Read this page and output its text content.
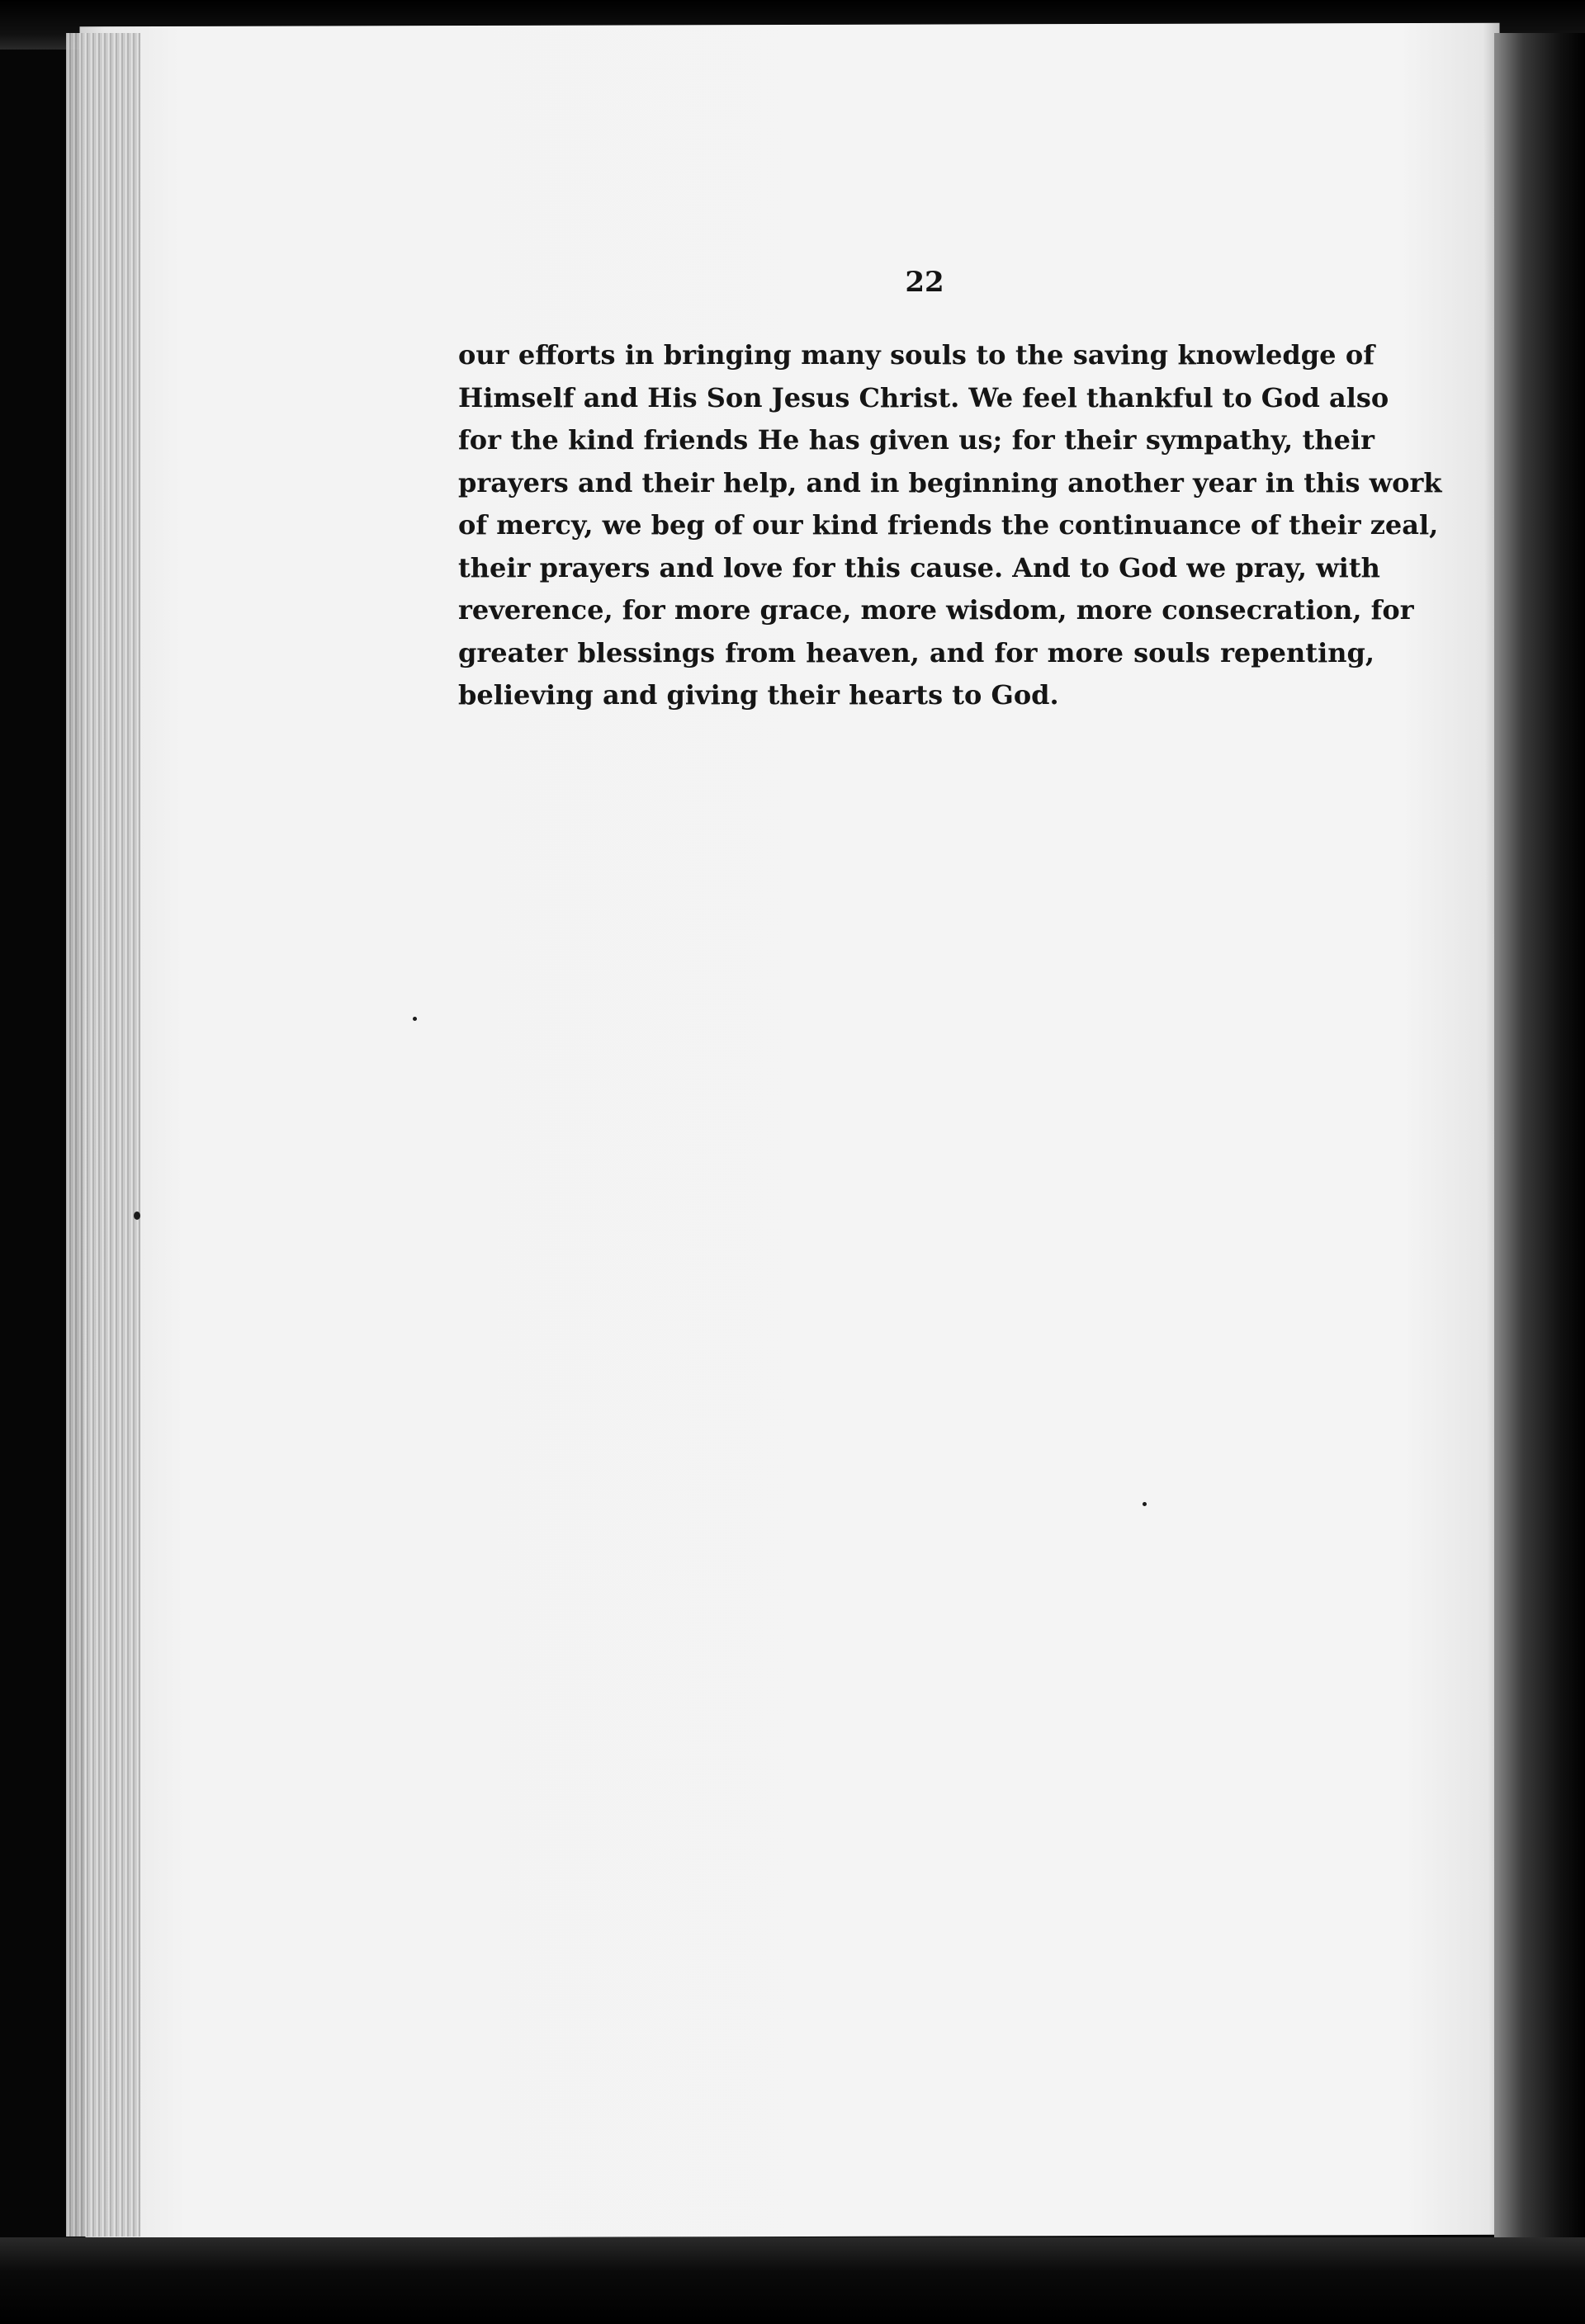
22
our efforts in bringing many souls to the saving knowledge of
Himself and His Son Jesus Christ. We feel thankful to God also
for the kind friends He has given us; for their sympathy, their
prayers and their help, and in beginning another year in this work
of mercy, we beg of our kind friends the continuance of their zeal,
their prayers and love for this cause. And to God we pray, with
reverence, for more grace, more wisdom, more consecration, for
greater blessings from heaven, and for more souls repenting,
believing and giving their hearts to God.
